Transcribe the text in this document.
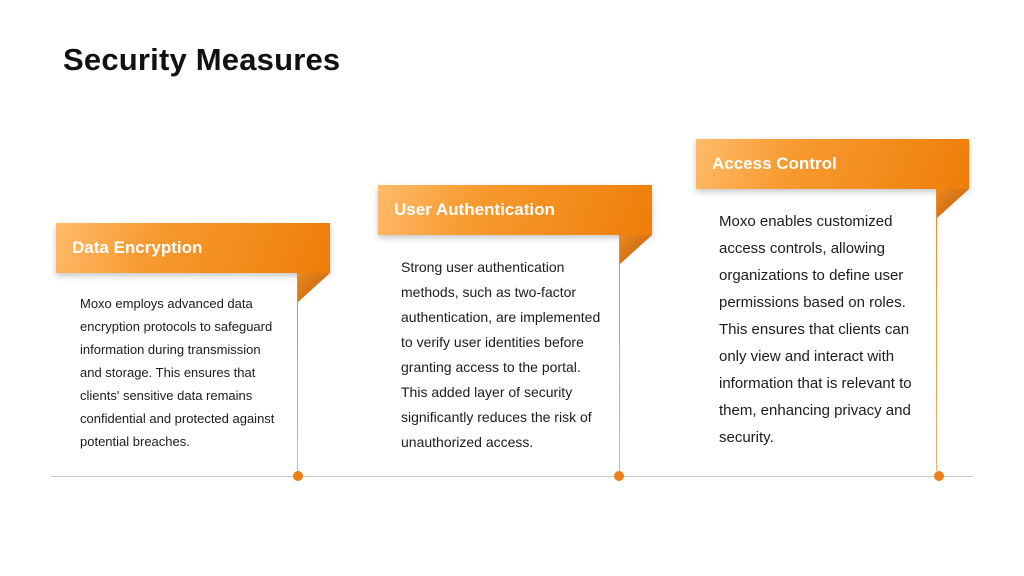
Security Measures
Data Encryption
Moxo employs advanced data encryption protocols to safeguard information during transmission and storage. This ensures that clients' sensitive data remains confidential and protected against potential breaches.
User Authentication
Strong user authentication methods, such as two-factor authentication, are implemented to verify user identities before granting access to the portal. This added layer of security significantly reduces the risk of unauthorized access.
Access Control
Moxo enables customized access controls, allowing organizations to define user permissions based on roles. This ensures that clients can only view and interact with information that is relevant to them, enhancing privacy and security.
